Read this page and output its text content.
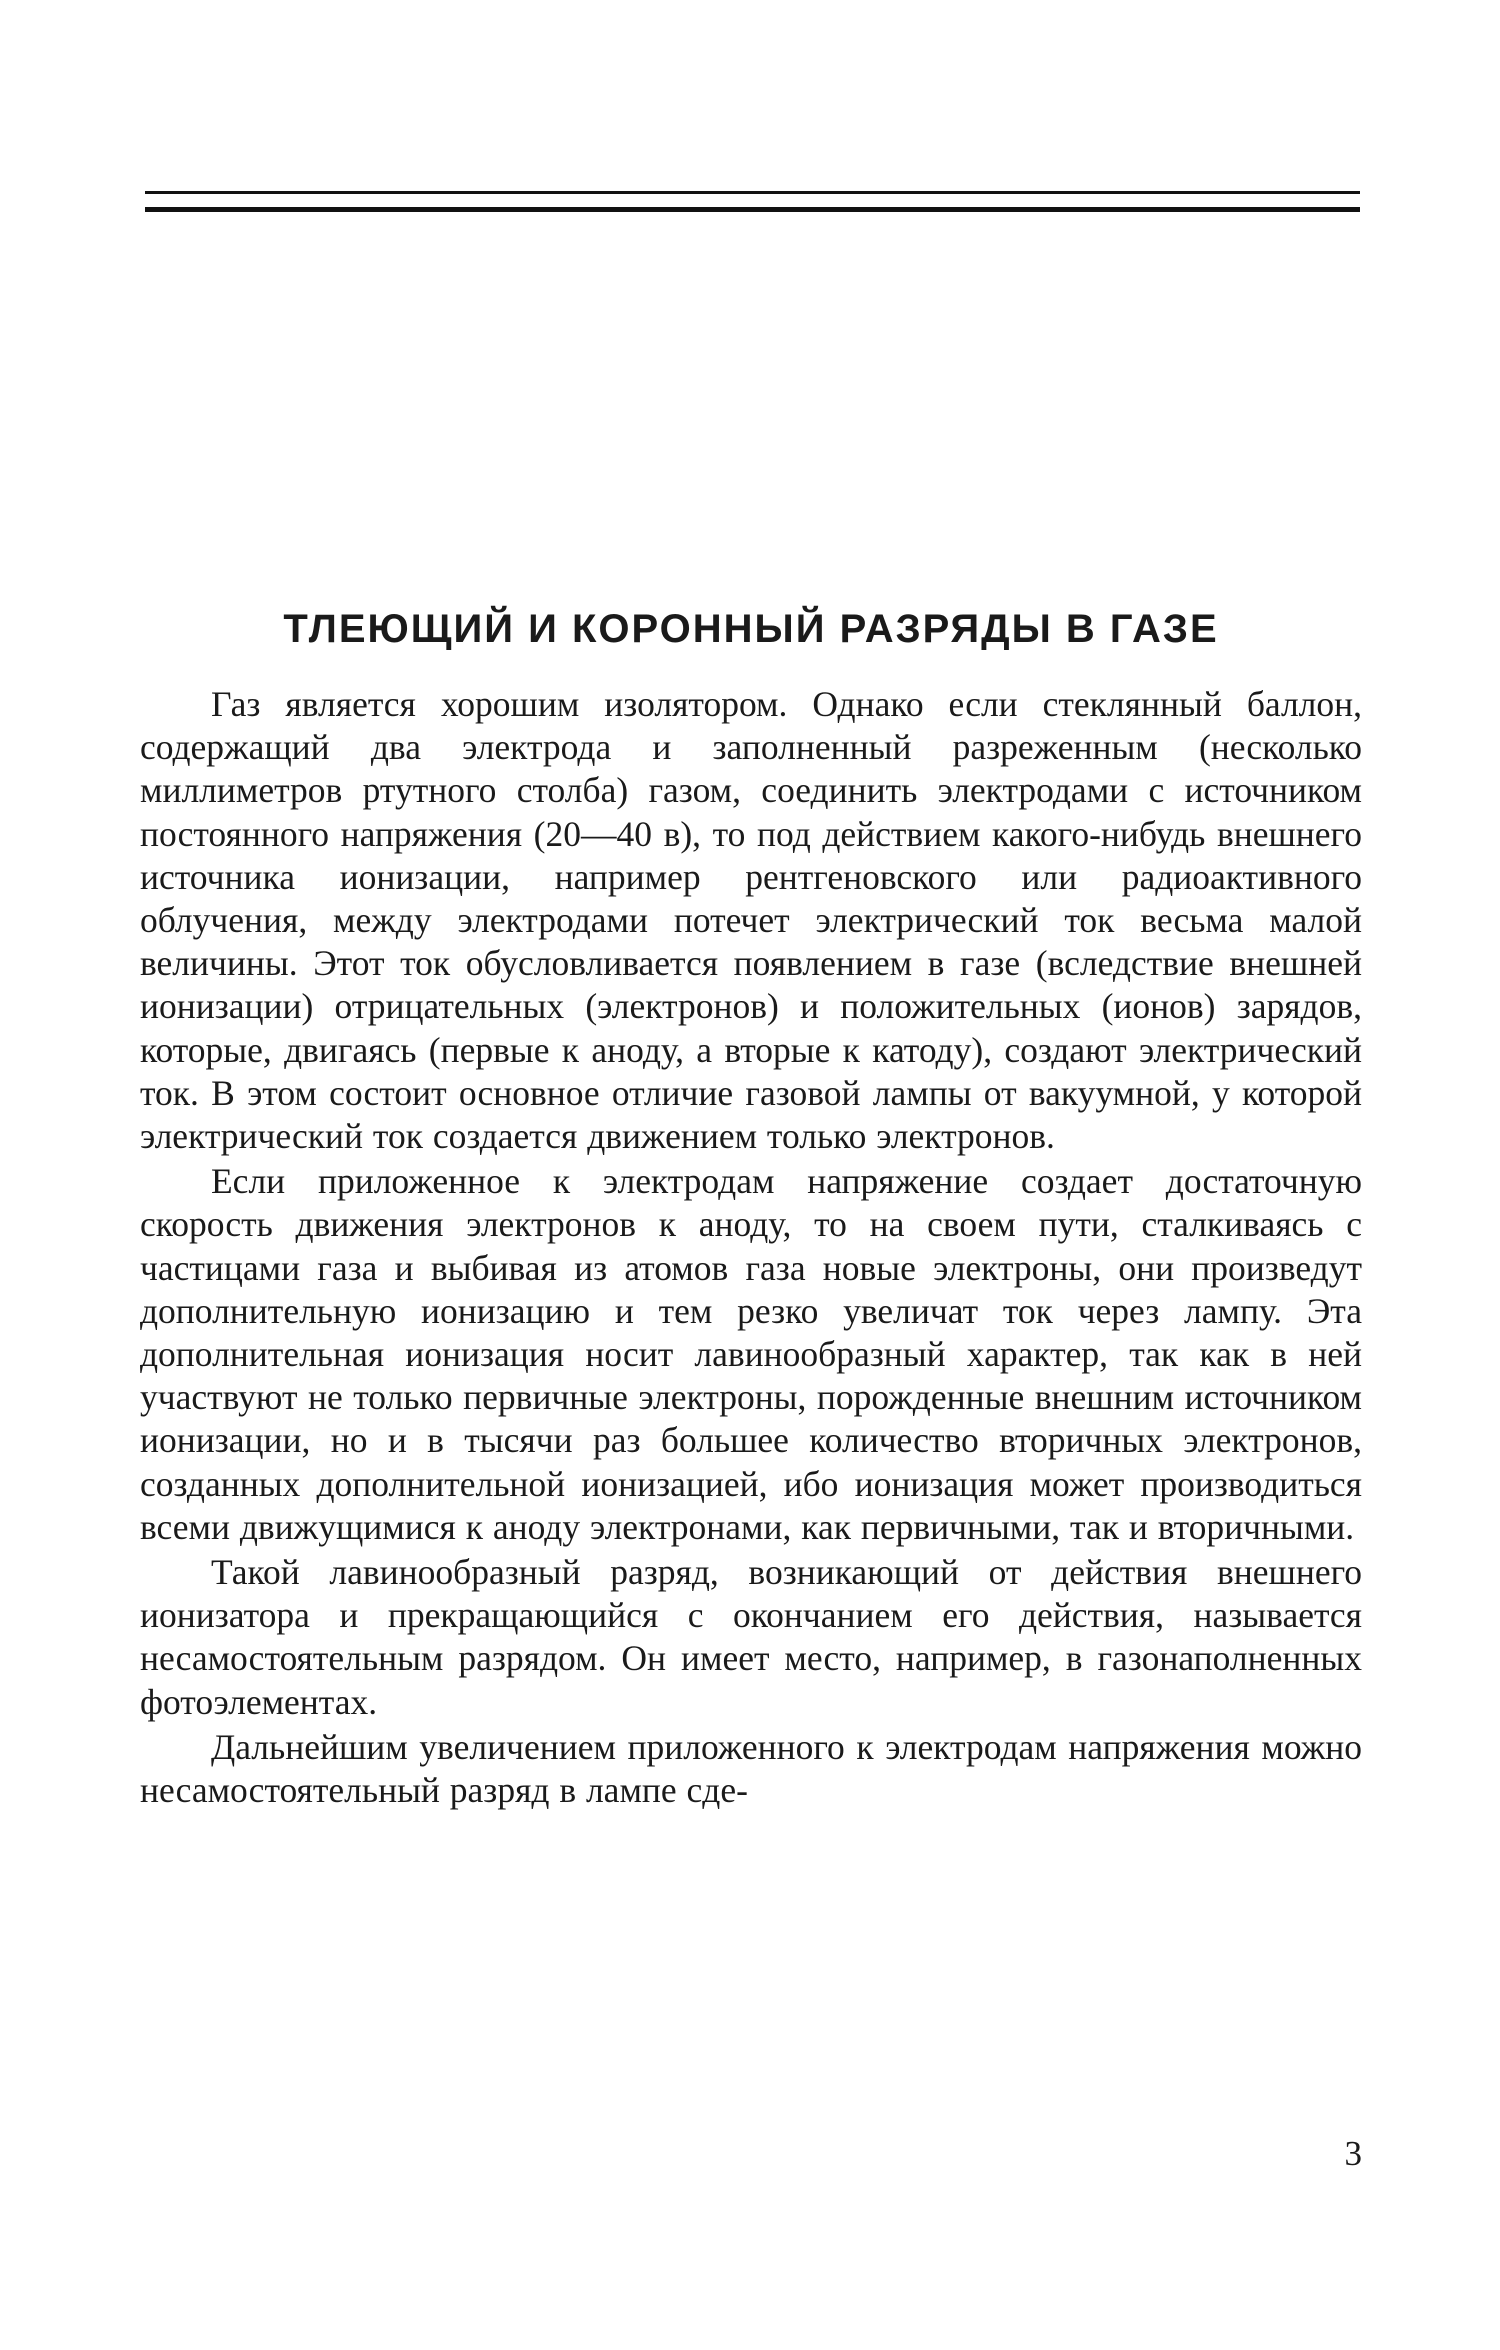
ТЛЕЮЩИЙ И КОРОННЫЙ РАЗРЯДЫ В ГАЗЕ

Газ является хорошим изолятором. Однако если стеклянный баллон, содержащий два электрода и заполненный разреженным (несколько миллиметров ртутного столба) газом, соединить электродами с источником постоянного напряжения (20—40 в), то под действием какого-нибудь внешнего источника ионизации, например рентгеновского или радиоактивного облучения, между электродами потечет электрический ток весьма малой величины. Этот ток обусловливается появлением в газе (вследствие внешней ионизации) отрицательных (электронов) и положительных (ионов) зарядов, которые, двигаясь (первые к аноду, а вторые к катоду), создают электрический ток. В этом состоит основное отличие газовой лампы от вакуумной, у которой электрический ток создается движением только электронов.

Если приложенное к электродам напряжение создает достаточную скорость движения электронов к аноду, то на своем пути, сталкиваясь с частицами газа и выбивая из атомов газа новые электроны, они произведут дополнительную ионизацию и тем резко увеличат ток через лампу. Эта дополнительная ионизация носит лавинообразный характер, так как в ней участвуют не только первичные электроны, порожденные внешним источником ионизации, но и в тысячи раз большее количество вторичных электронов, созданных дополнительной ионизацией, ибо ионизация может производиться всеми движущимися к аноду электронами, как первичными, так и вторичными.

Такой лавинообразный разряд, возникающий от действия внешнего ионизатора и прекращающийся с окончанием его действия, называется несамостоятельным разрядом. Он имеет место, например, в газонаполненных фотоэлементах.

Дальнейшим увеличением приложенного к электродам напряжения можно несамостоятельный разряд в лампе сде-

3
